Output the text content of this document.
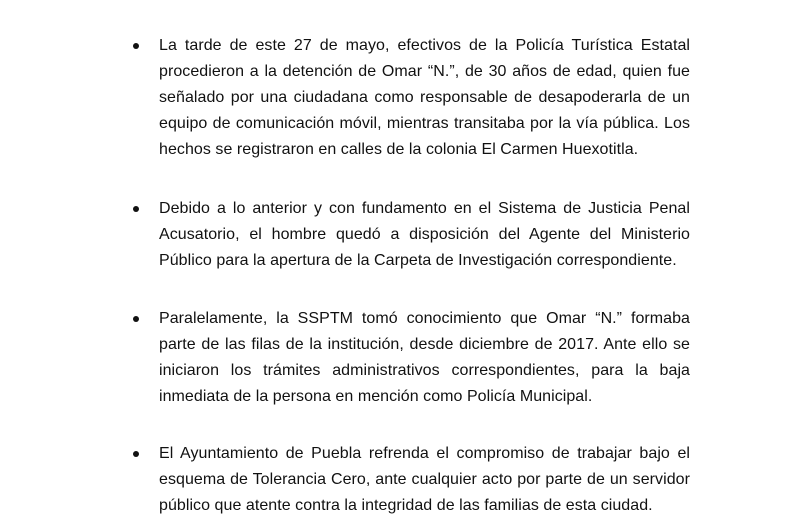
La tarde de este 27 de mayo, efectivos de la Policía Turística Estatal procedieron a la detención de Omar “N.”, de 30 años de edad, quien fue señalado por una ciudadana como responsable de desapoderarla de un equipo de comunicación móvil, mientras transitaba por la vía pública. Los hechos se registraron en calles de la colonia El Carmen Huexotitla.

Debido a lo anterior y con fundamento en el Sistema de Justicia Penal Acusatorio, el hombre quedó a disposición del Agente del Ministerio Público para la apertura de la Carpeta de Investigación correspondiente.

Paralelamente, la SSPTM tomó conocimiento que Omar “N.” formaba parte de las filas de la institución, desde diciembre de 2017. Ante ello se iniciaron los trámites administrativos correspondientes, para la baja inmediata de la persona en mención como Policía Municipal.

El Ayuntamiento de Puebla refrenda el compromiso de trabajar bajo el esquema de Tolerancia Cero, ante cualquier acto por parte de un servidor público que atente contra la integridad de las familias de esta ciudad.
